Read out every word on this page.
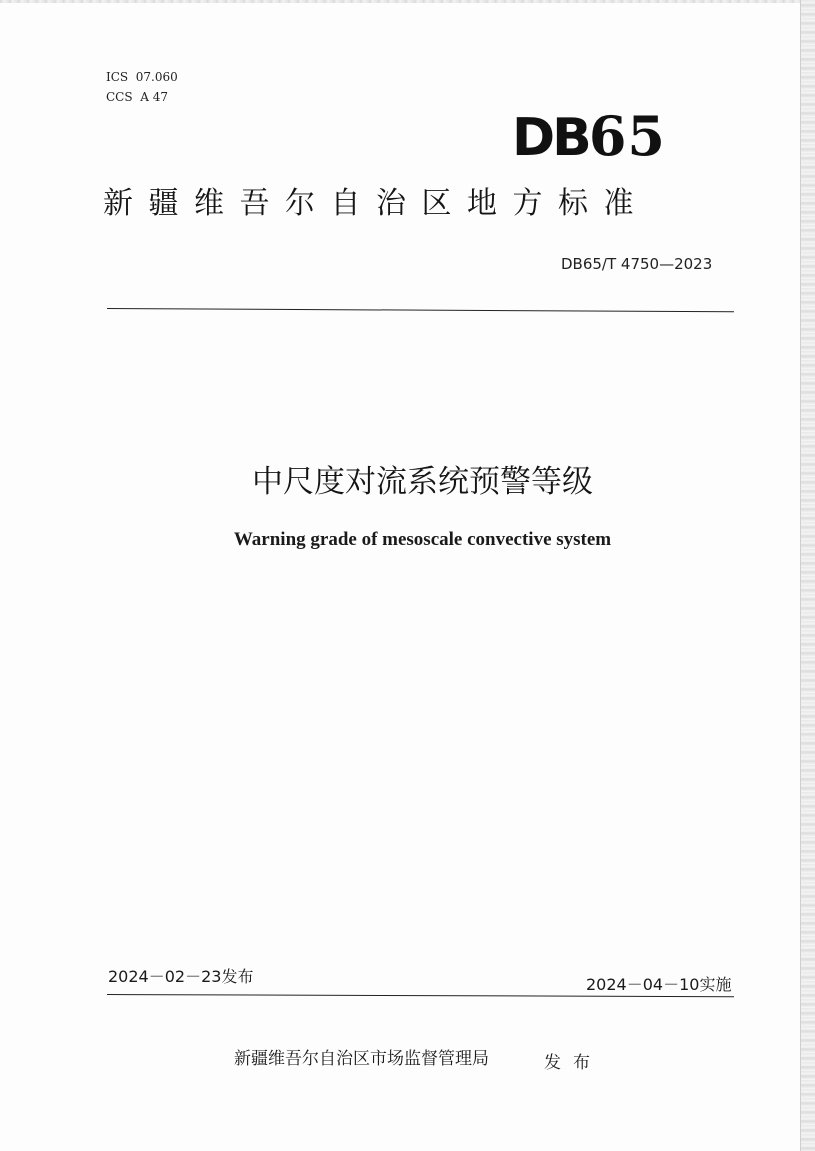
ICS  07.060
CCS  A 47
DB65
新疆维吾尔自治区地方标准
DB65/T 4750—2023
中尺度对流系统预警等级
Warning grade of mesoscale convective system
2024－02－23发布	2024－04－10实施
新疆维吾尔自治区市场监督管理局	发布
